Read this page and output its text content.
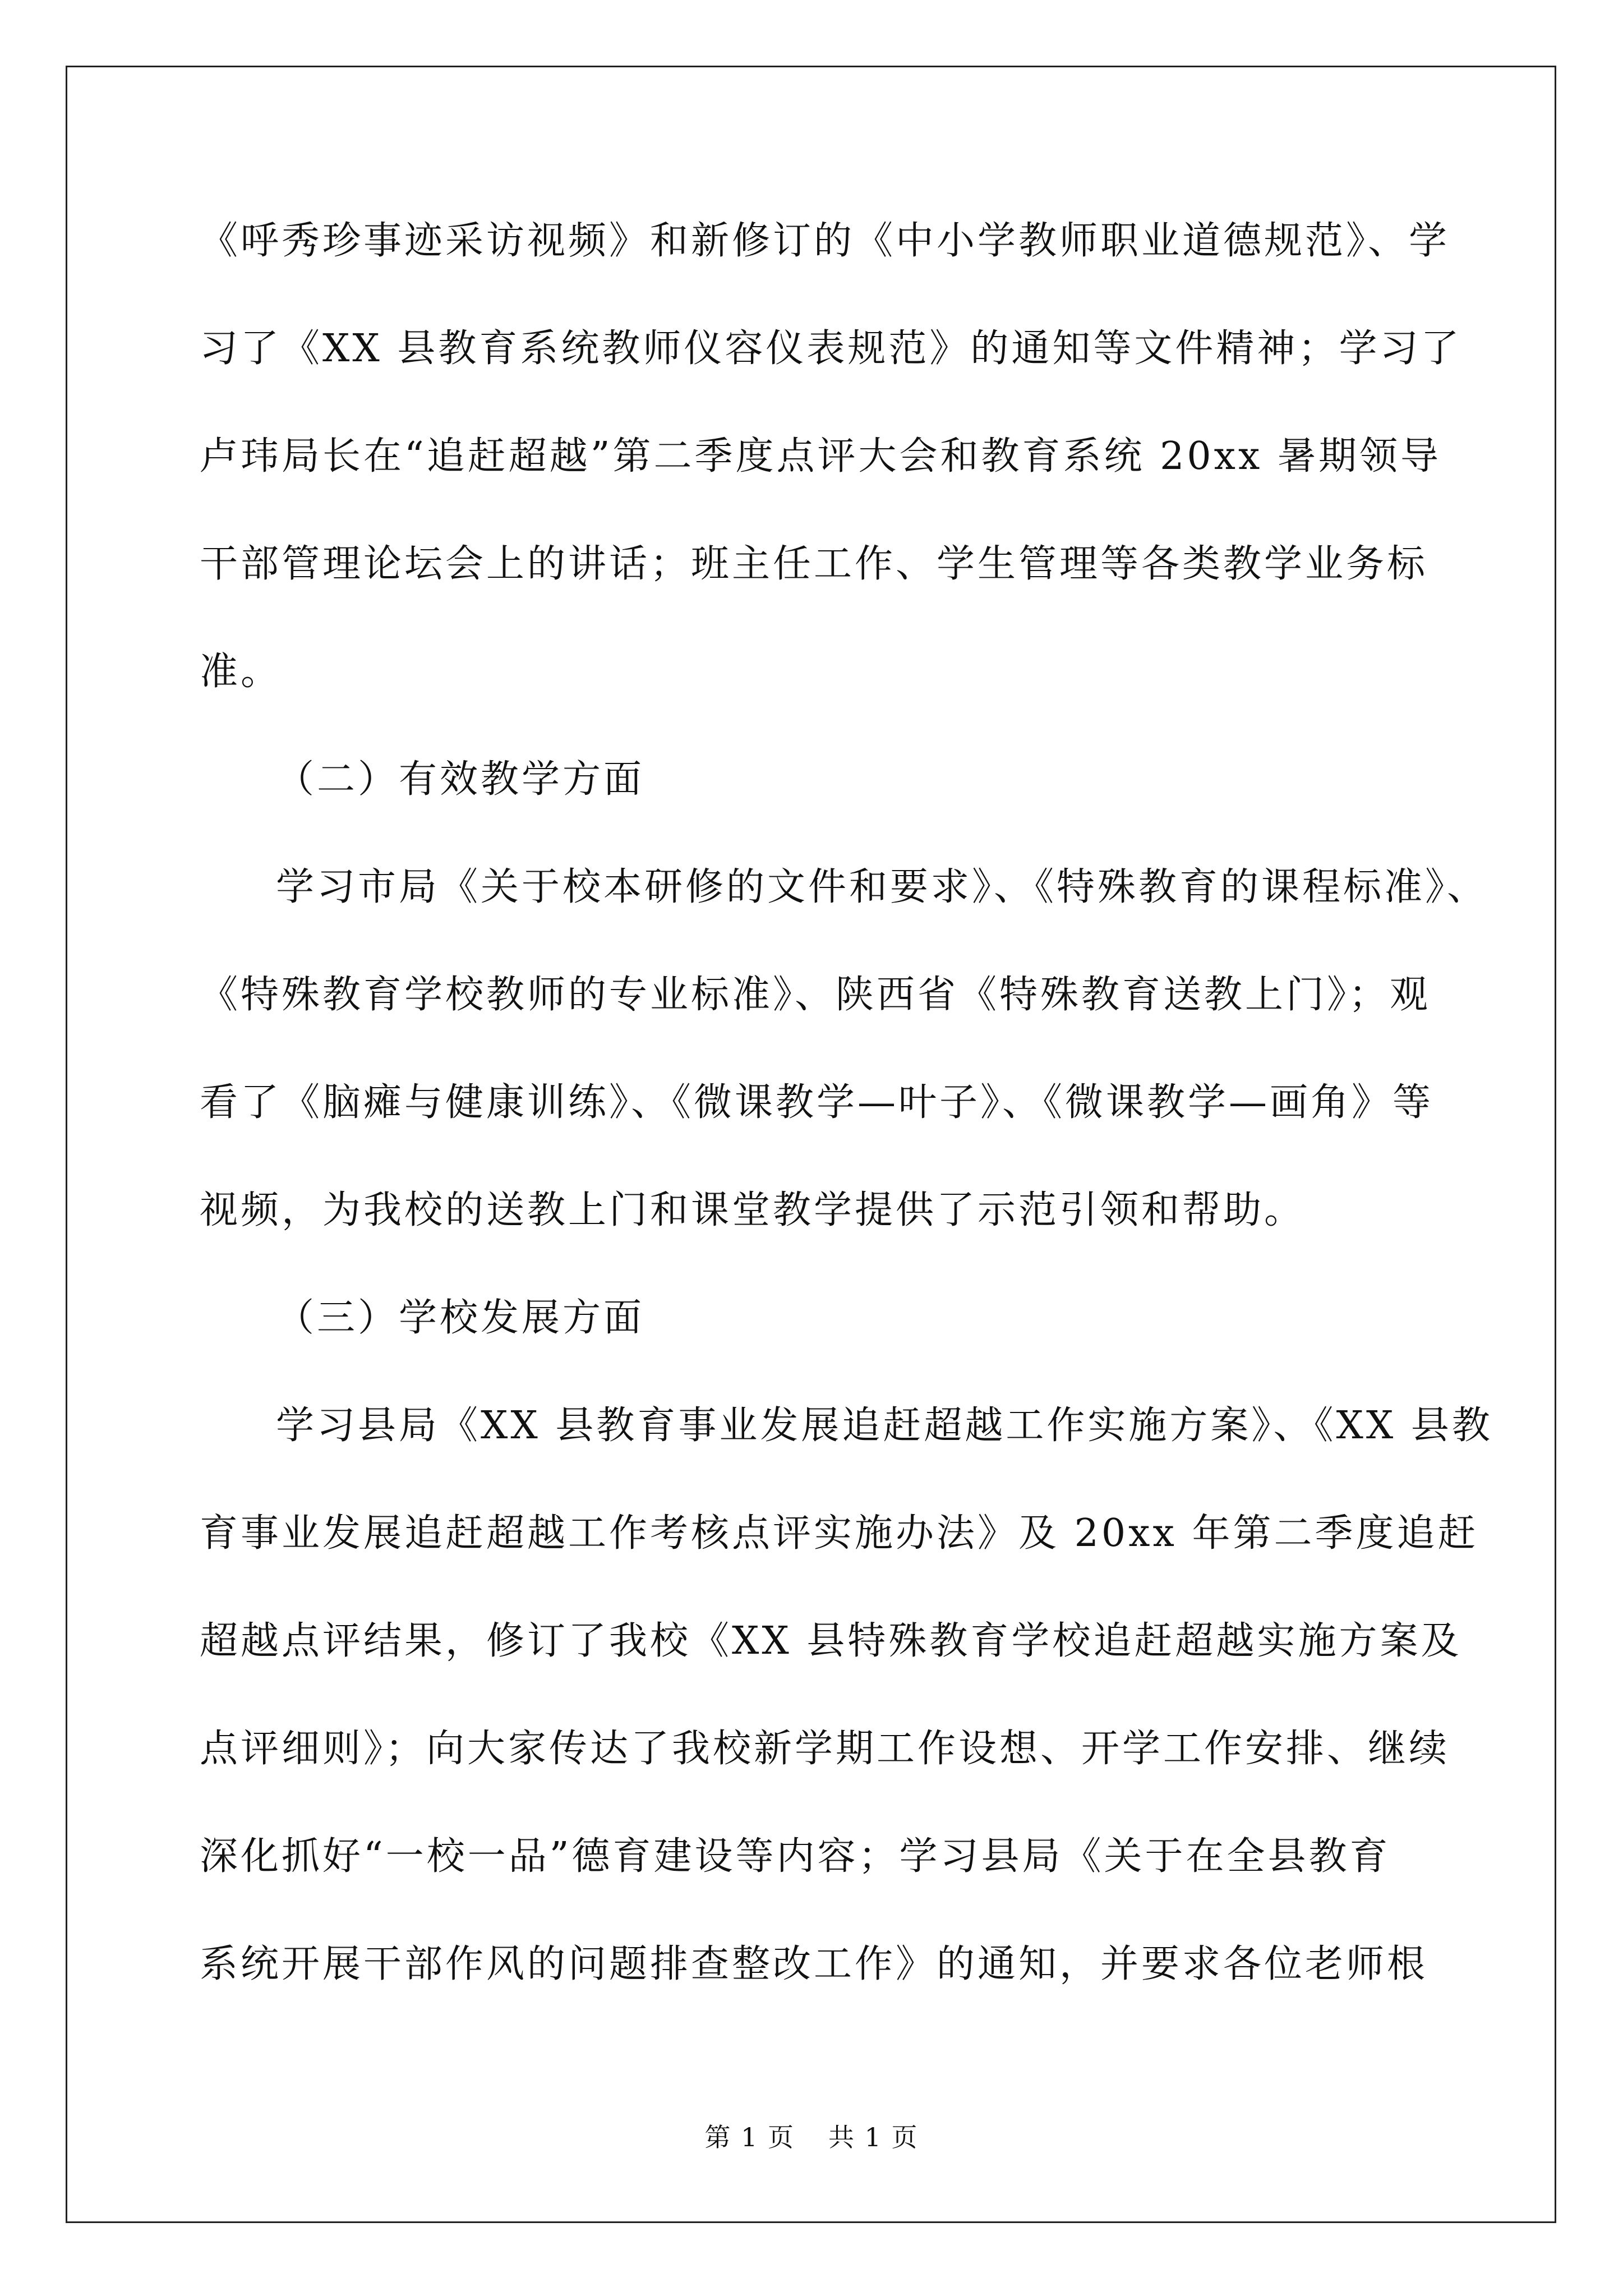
《呼秀珍事迹采访视频》和新修订的《中小学教师职业道德规范》、学
习了《XX 县教育系统教师仪容仪表规范》的通知等文件精神；学习了
卢玮局长在“追赶超越”第二季度点评大会和教育系统 20xx 暑期领导
干部管理论坛会上的讲话；班主任工作、学生管理等各类教学业务标
准。
（二）有效教学方面
学习市局《关于校本研修的文件和要求》、《特殊教育的课程标准》、
《特殊教育学校教师的专业标准》、陕西省《特殊教育送教上门》；观
看了《脑瘫与健康训练》、《微课教学—叶子》、《微课教学—画角》等
视频，为我校的送教上门和课堂教学提供了示范引领和帮助。
（三）学校发展方面
学习县局《XX 县教育事业发展追赶超越工作实施方案》、《XX 县教
育事业发展追赶超越工作考核点评实施办法》及 20xx 年第二季度追赶
超越点评结果，修订了我校《XX 县特殊教育学校追赶超越实施方案及
点评细则》；向大家传达了我校新学期工作设想、开学工作安排、继续
深化抓好“一校一品”德育建设等内容；学习县局《关于在全县教育
系统开展干部作风的问题排查整改工作》的通知，并要求各位老师根
第 1 页 共 1 页
